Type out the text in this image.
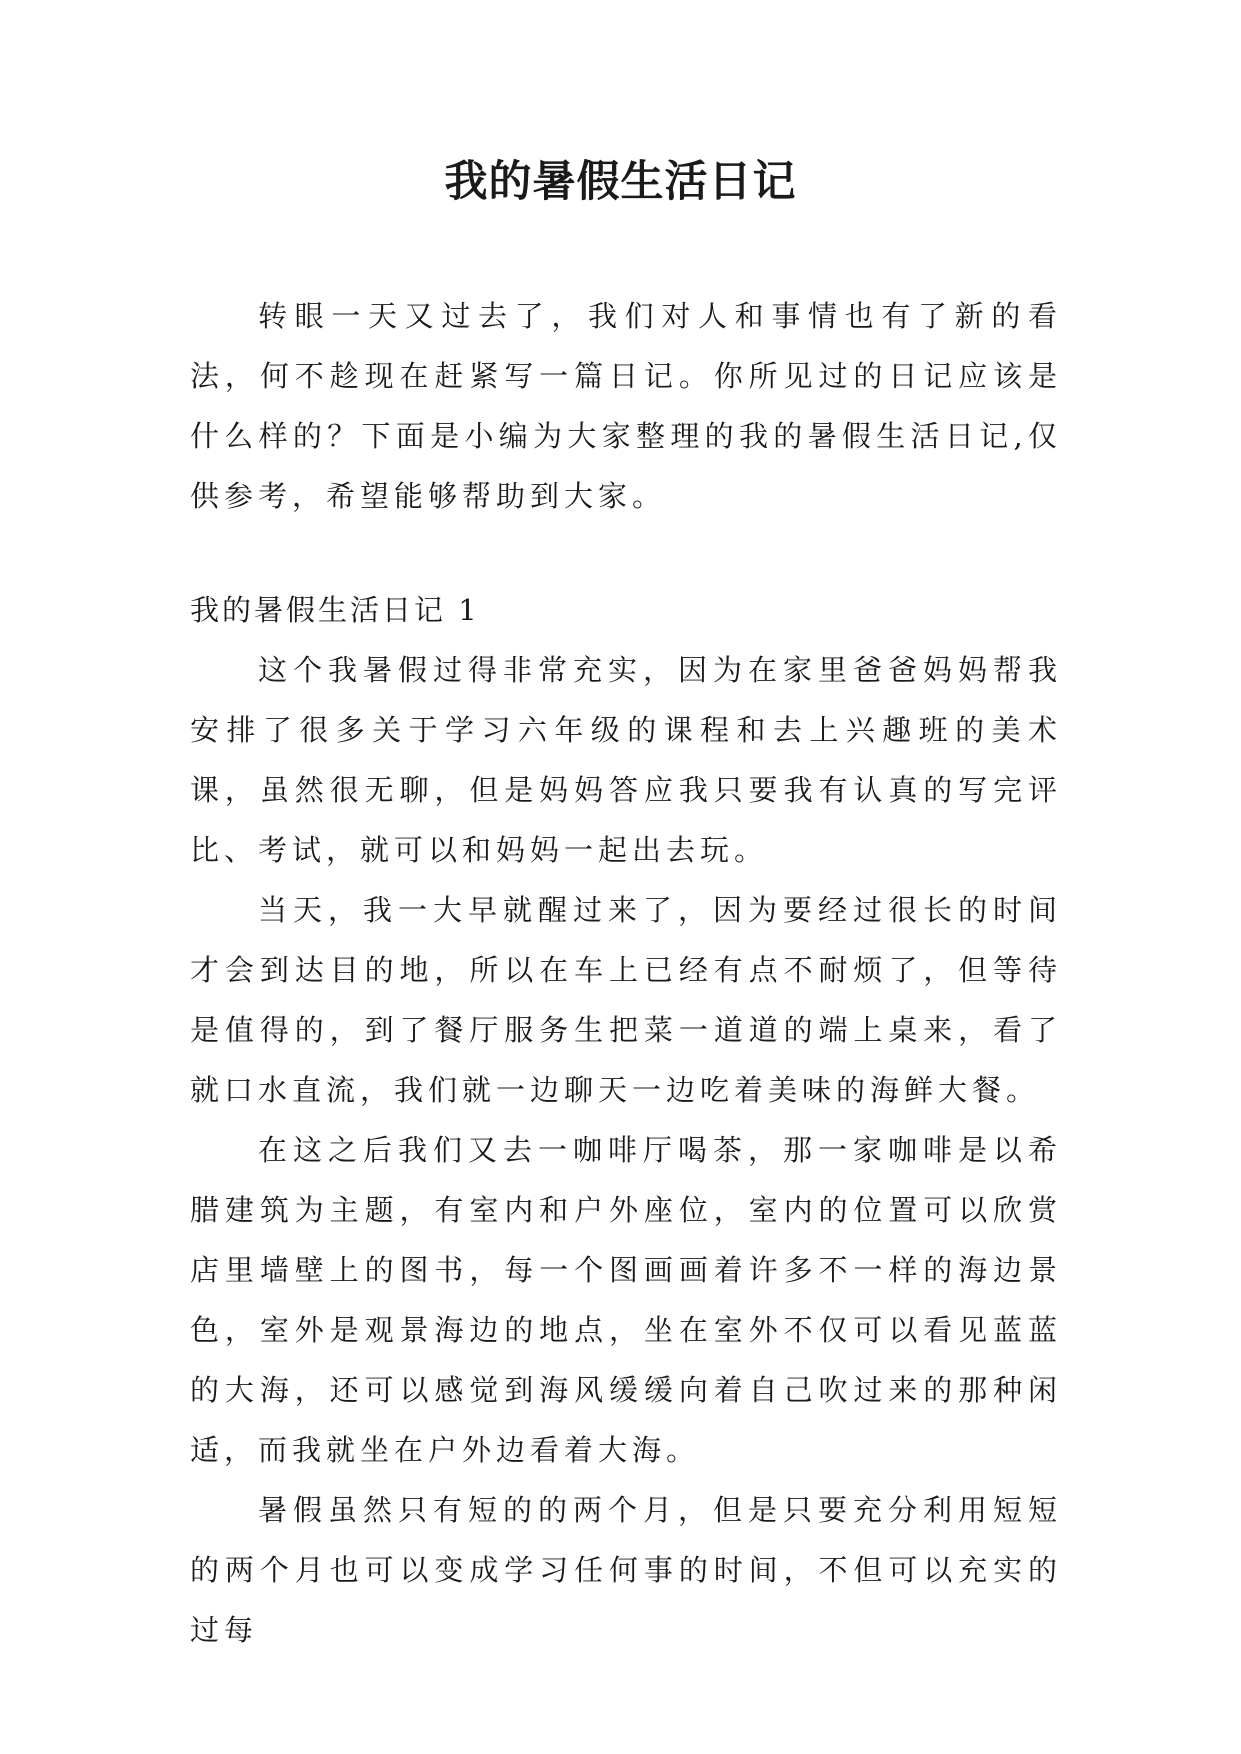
我的暑假生活日记

转眼一天又过去了，我们对人和事情也有了新的看法，何不趁现在赶紧写一篇日记。你所见过的日记应该是什么样的？下面是小编为大家整理的我的暑假生活日记,仅供参考，希望能够帮助到大家。

我的暑假生活日记 1

这个我暑假过得非常充实，因为在家里爸爸妈妈帮我安排了很多关于学习六年级的课程和去上兴趣班的美术课，虽然很无聊，但是妈妈答应我只要我有认真的写完评比、考试，就可以和妈妈一起出去玩。

当天，我一大早就醒过来了，因为要经过很长的时间才会到达目的地，所以在车上已经有点不耐烦了，但等待是值得的，到了餐厅服务生把菜一道道的端上桌来，看了就口水直流，我们就一边聊天一边吃着美味的海鲜大餐。

在这之后我们又去一咖啡厅喝茶，那一家咖啡是以希腊建筑为主题，有室内和户外座位，室内的位置可以欣赏店里墙壁上的图书，每一个图画画着许多不一样的海边景色，室外是观景海边的地点，坐在室外不仅可以看见蓝蓝的大海，还可以感觉到海风缓缓向着自己吹过来的那种闲适，而我就坐在户外边看着大海。

暑假虽然只有短的的两个月，但是只要充分利用短短的两个月也可以变成学习任何事的时间，不但可以充实的过每
